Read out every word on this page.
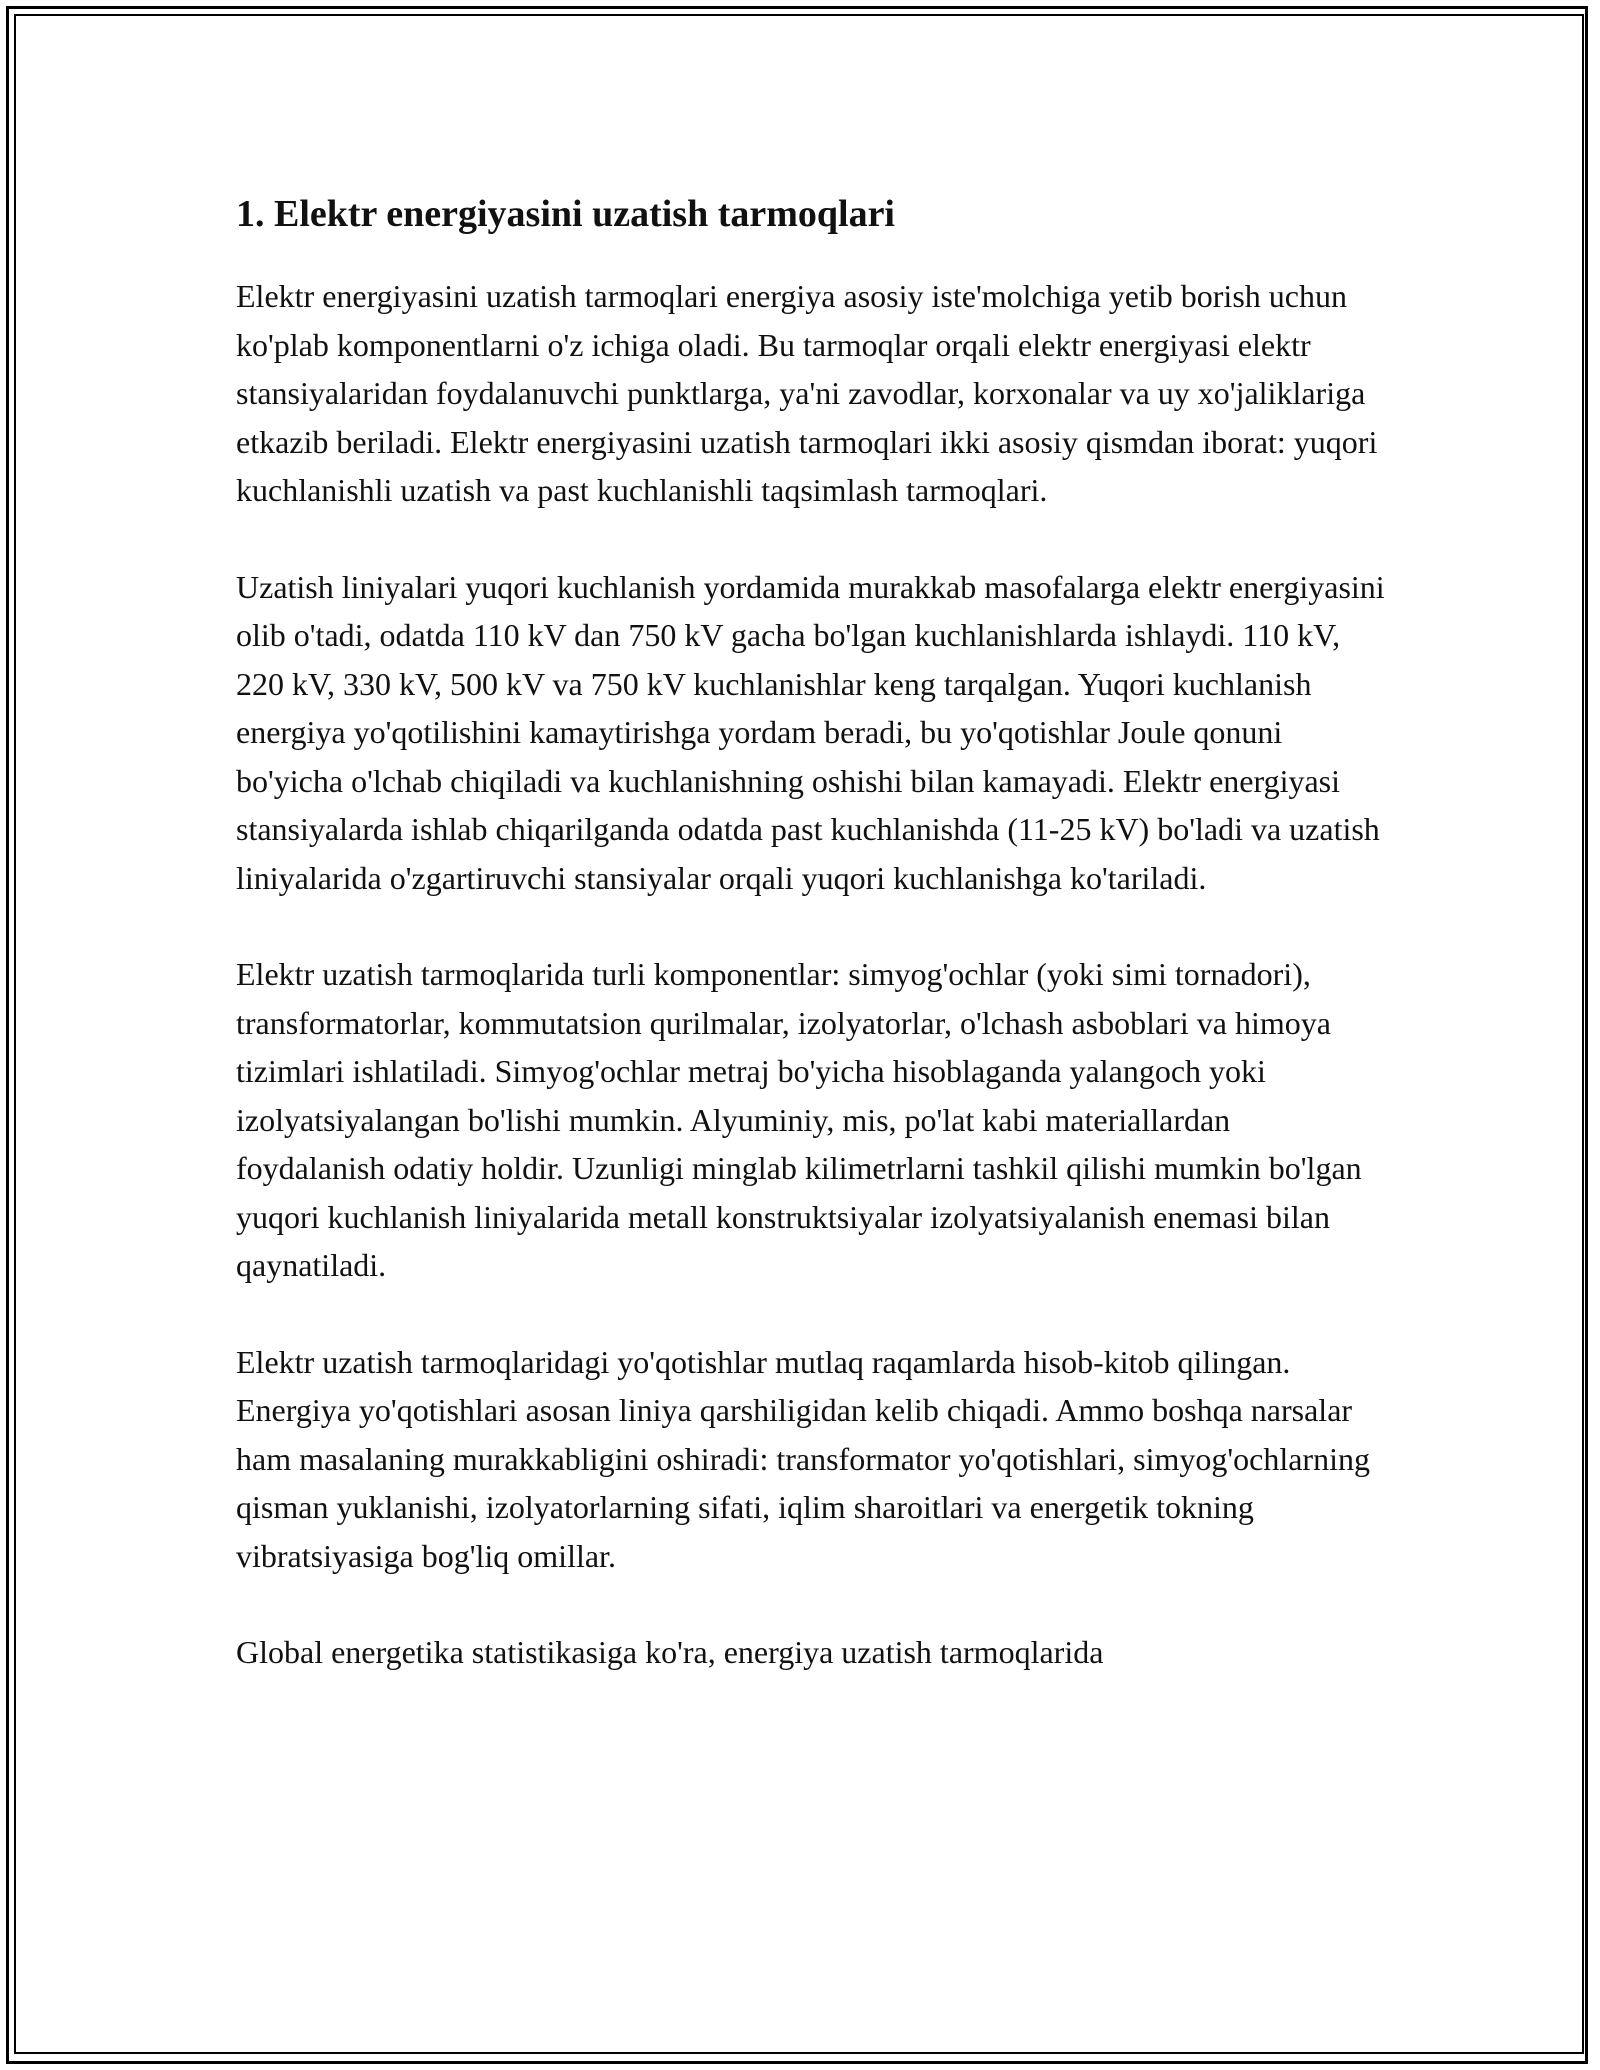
1. Elektr energiyasini uzatish tarmoqlari

Elektr energiyasini uzatish tarmoqlari energiya asosiy iste'molchiga yetib borish uchun ko'plab komponentlarni o'z ichiga oladi. Bu tarmoqlar orqali elektr energiyasi elektr stansiyalaridan foydalanuvchi punktlarga, ya'ni zavodlar, korxonalar va uy xo'jaliklariga etkazib beriladi. Elektr energiyasini uzatish tarmoqlari ikki asosiy qismdan iborat: yuqori kuchlanishli uzatish va past kuchlanishli taqsimlash tarmoqlari.

Uzatish liniyalari yuqori kuchlanish yordamida murakkab masofalarga elektr energiyasini olib o'tadi, odatda 110 kV dan 750 kV gacha bo'lgan kuchlanishlarda ishlaydi. 110 kV, 220 kV, 330 kV, 500 kV va 750 kV kuchlanishlar keng tarqalgan. Yuqori kuchlanish energiya yo'qotilishini kamaytirishga yordam beradi, bu yo'qotishlar Joule qonuni bo'yicha o'lchab chiqiladi va kuchlanishning oshishi bilan kamayadi. Elektr energiyasi stansiyalarda ishlab chiqarilganda odatda past kuchlanishda (11-25 kV) bo'ladi va uzatish liniyalarida o'zgartiruvchi stansiyalar orqali yuqori kuchlanishga ko'tariladi.

Elektr uzatish tarmoqlarida turli komponentlar: simyog'ochlar (yoki simi tornadori), transformatorlar, kommutatsion qurilmalar, izolyatorlar, o'lchash asboblari va himoya tizimlari ishlatiladi. Simyog'ochlar metraj bo'yicha hisoblaganda yalangoch yoki izolyatsiyalangan bo'lishi mumkin. Alyuminiy, mis, po'lat kabi materiallardan foydalanish odatiy holdir. Uzunligi minglab kilimetrlarni tashkil qilishi mumkin bo'lgan yuqori kuchlanish liniyalarida metall konstruktsiyalar izolyatsiyalanish enemasi bilan qaynatiladi.

Elektr uzatish tarmoqlaridagi yo'qotishlar mutlaq raqamlarda hisob-kitob qilingan. Energiya yo'qotishlari asosan liniya qarshiligidan kelib chiqadi. Ammo boshqa narsalar ham masalaning murakkabligini oshiradi: transformator yo'qotishlari, simyog'ochlarning qisman yuklanishi, izolyatorlarning sifati, iqlim sharoitlari va energetik tokning vibratsiyasiga bog'liq omillar.

Global energetika statistikasiga ko'ra, energiya uzatish tarmoqlarida
